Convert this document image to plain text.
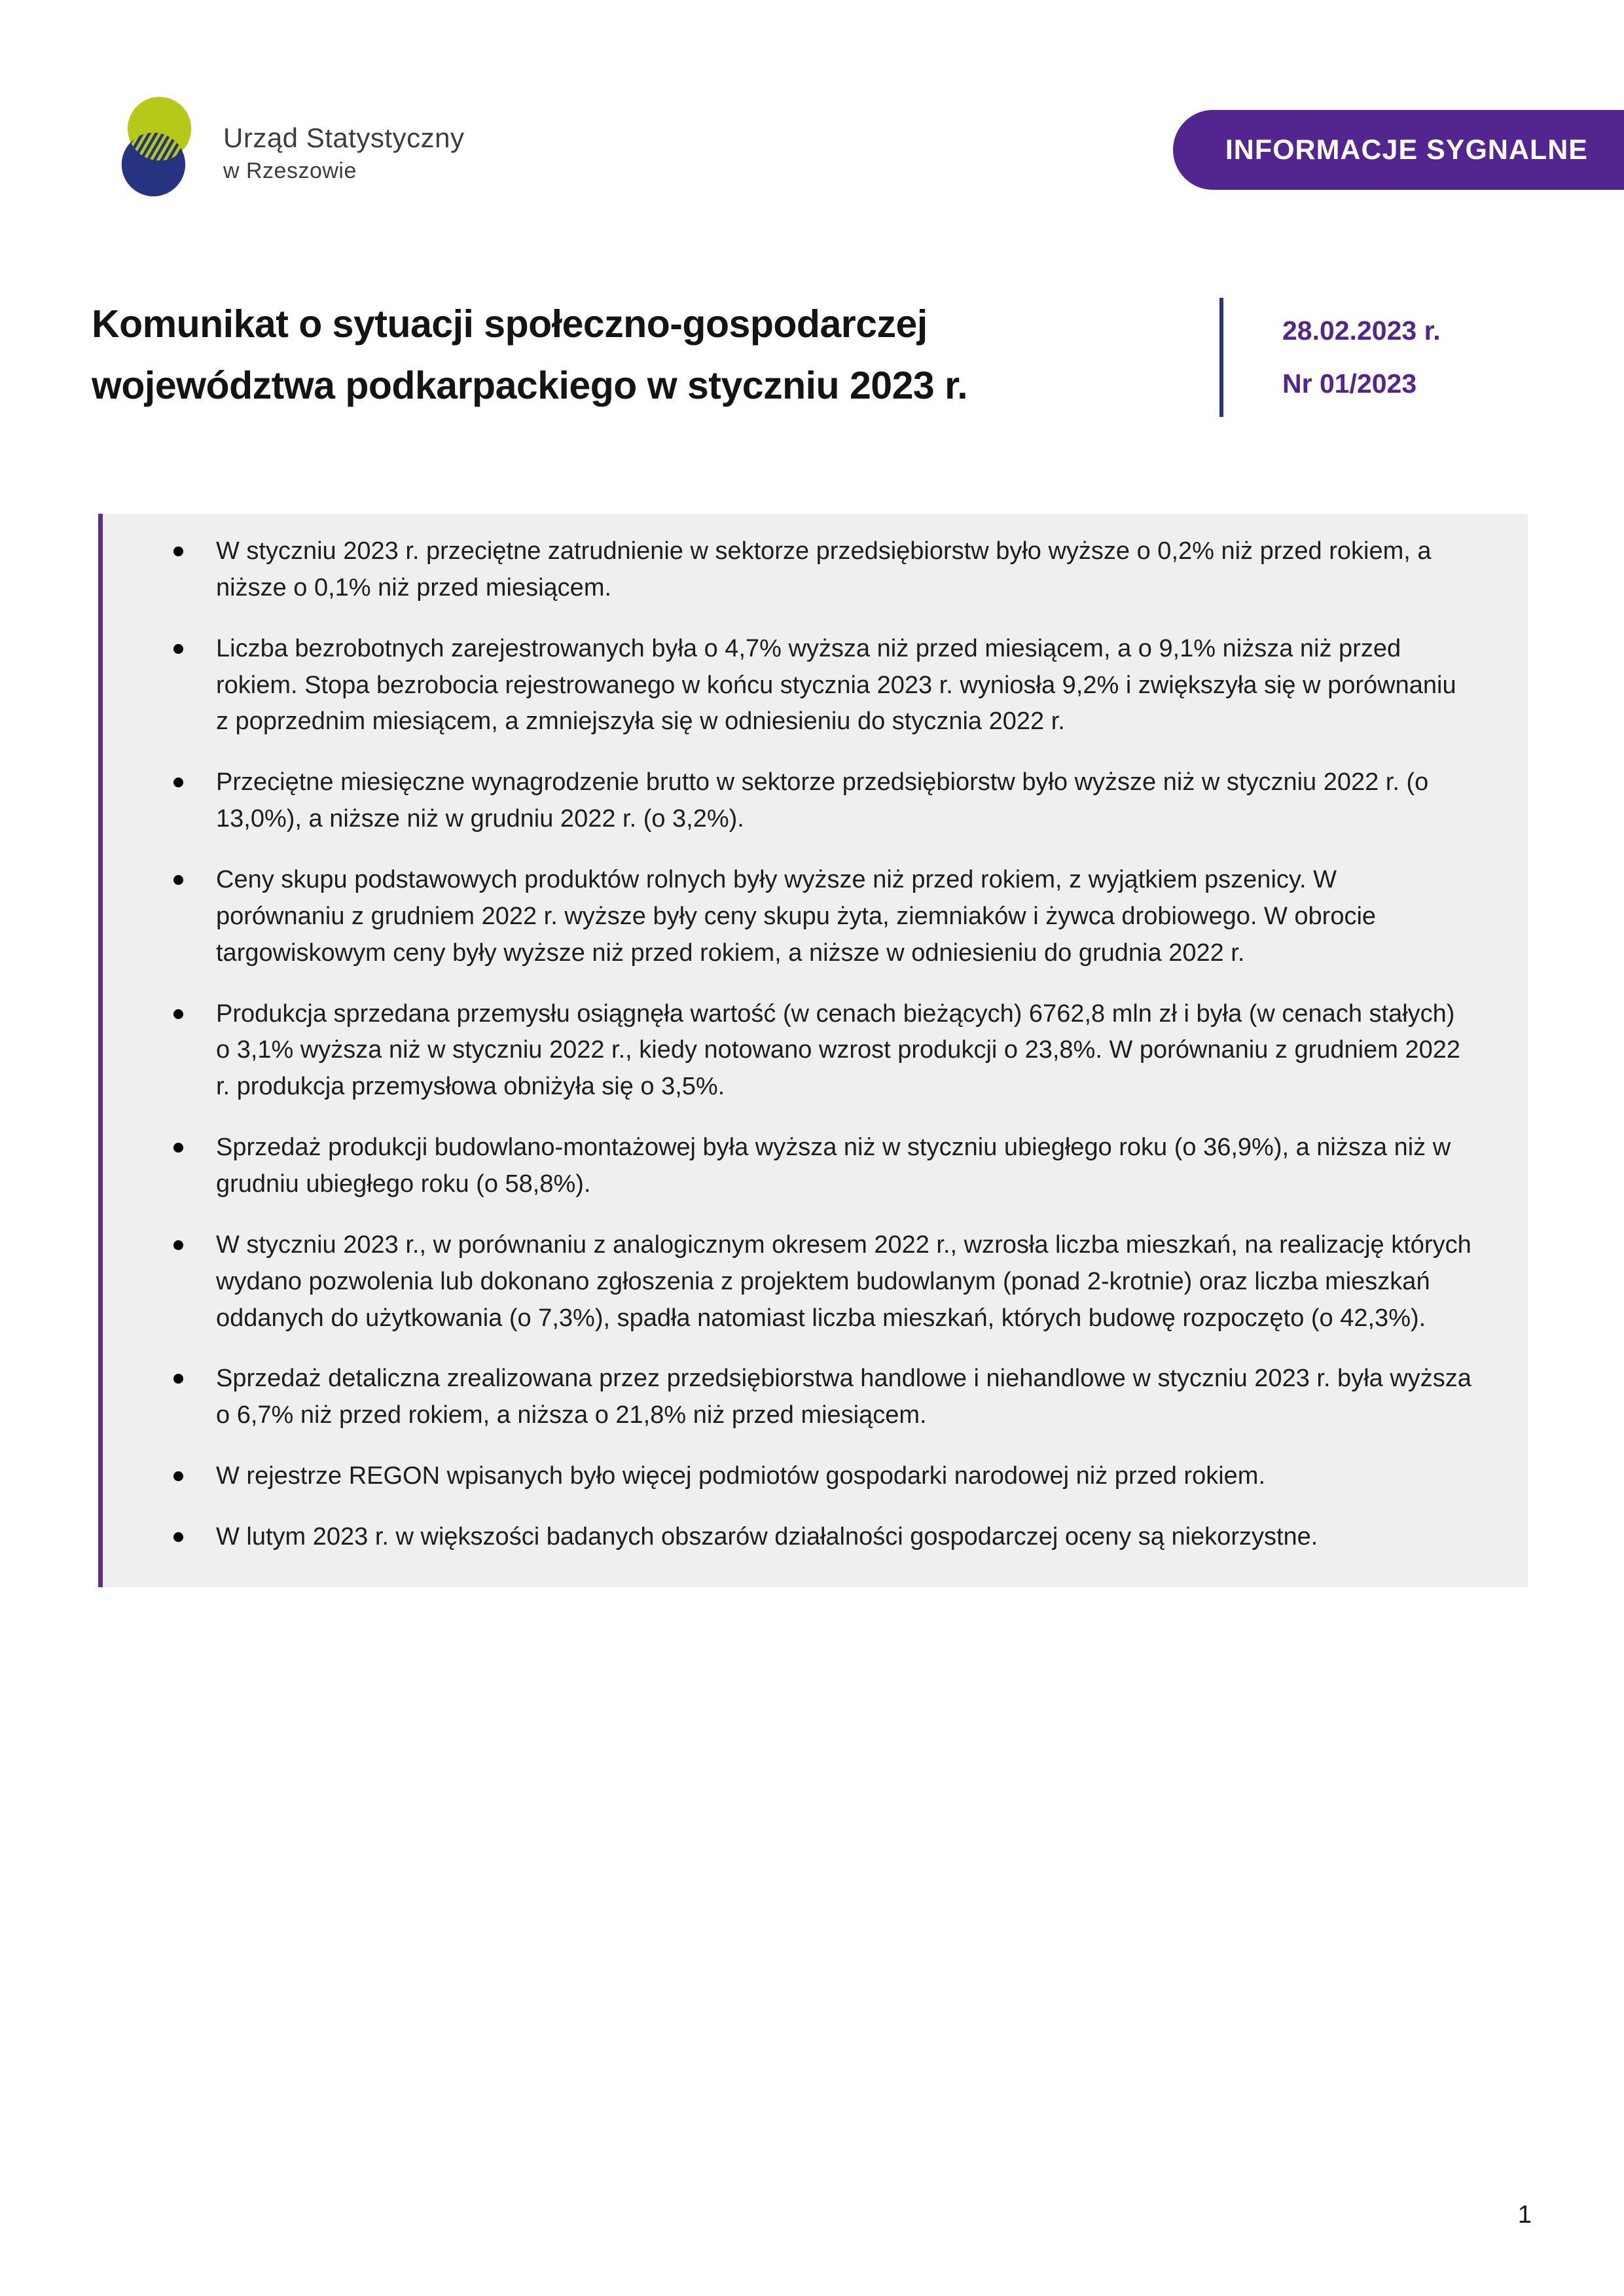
Urząd Statystyczny
w Rzeszowie
INFORMACJE SYGNALNE
Komunikat o sytuacji społeczno-gospodarczej województwa podkarpackiego w styczniu 2023 r.
28.02.2023 r.
Nr 01/2023
W styczniu 2023 r. przeciętne zatrudnienie w sektorze przedsiębiorstw było wyższe o 0,2% niż przed rokiem, a niższe o 0,1% niż przed miesiącem.
Liczba bezrobotnych zarejestrowanych była o 4,7% wyższa niż przed miesiącem, a o 9,1% niższa niż przed rokiem. Stopa bezrobocia rejestrowanego w końcu stycznia 2023 r. wyniosła 9,2% i zwiększyła się w porównaniu z poprzednim miesiącem, a zmniejszyła się w odniesieniu do stycznia 2022 r.
Przeciętne miesięczne wynagrodzenie brutto w sektorze przedsiębiorstw było wyższe niż w styczniu 2022 r. (o 13,0%), a niższe niż w grudniu 2022 r. (o 3,2%).
Ceny skupu podstawowych produktów rolnych były wyższe niż przed rokiem, z wyjątkiem pszenicy. W porównaniu z grudniem 2022 r. wyższe były ceny skupu żyta, ziemniaków i żywca drobiowego. W obrocie targowiskowym ceny były wyższe niż przed rokiem, a niższe w odniesieniu do grudnia 2022 r.
Produkcja sprzedana przemysłu osiągnęła wartość (w cenach bieżących) 6762,8 mln zł i była (w cenach stałych) o 3,1% wyższa niż w styczniu 2022 r., kiedy notowano wzrost produkcji o 23,8%. W porównaniu z grudniem 2022 r. produkcja przemysłowa obniżyła się o 3,5%.
Sprzedaż produkcji budowlano-montażowej była wyższa niż w styczniu ubiegłego roku (o 36,9%), a niższa niż w grudniu ubiegłego roku (o 58,8%).
W styczniu 2023 r., w porównaniu z analogicznym okresem 2022 r., wzrosła liczba mieszkań, na realizację których wydano pozwolenia lub dokonano zgłoszenia z projektem budowlanym (ponad 2-krotnie) oraz liczba mieszkań oddanych do użytkowania (o 7,3%), spadła natomiast liczba mieszkań, których budowę rozpoczęto (o 42,3%).
Sprzedaż detaliczna zrealizowana przez przedsiębiorstwa handlowe i niehandlowe w styczniu 2023 r. była wyższa o 6,7% niż przed rokiem, a niższa o 21,8% niż przed miesiącem.
W rejestrze REGON wpisanych było więcej podmiotów gospodarki narodowej niż przed rokiem.
W lutym 2023 r. w większości badanych obszarów działalności gospodarczej oceny są niekorzystne.
1
